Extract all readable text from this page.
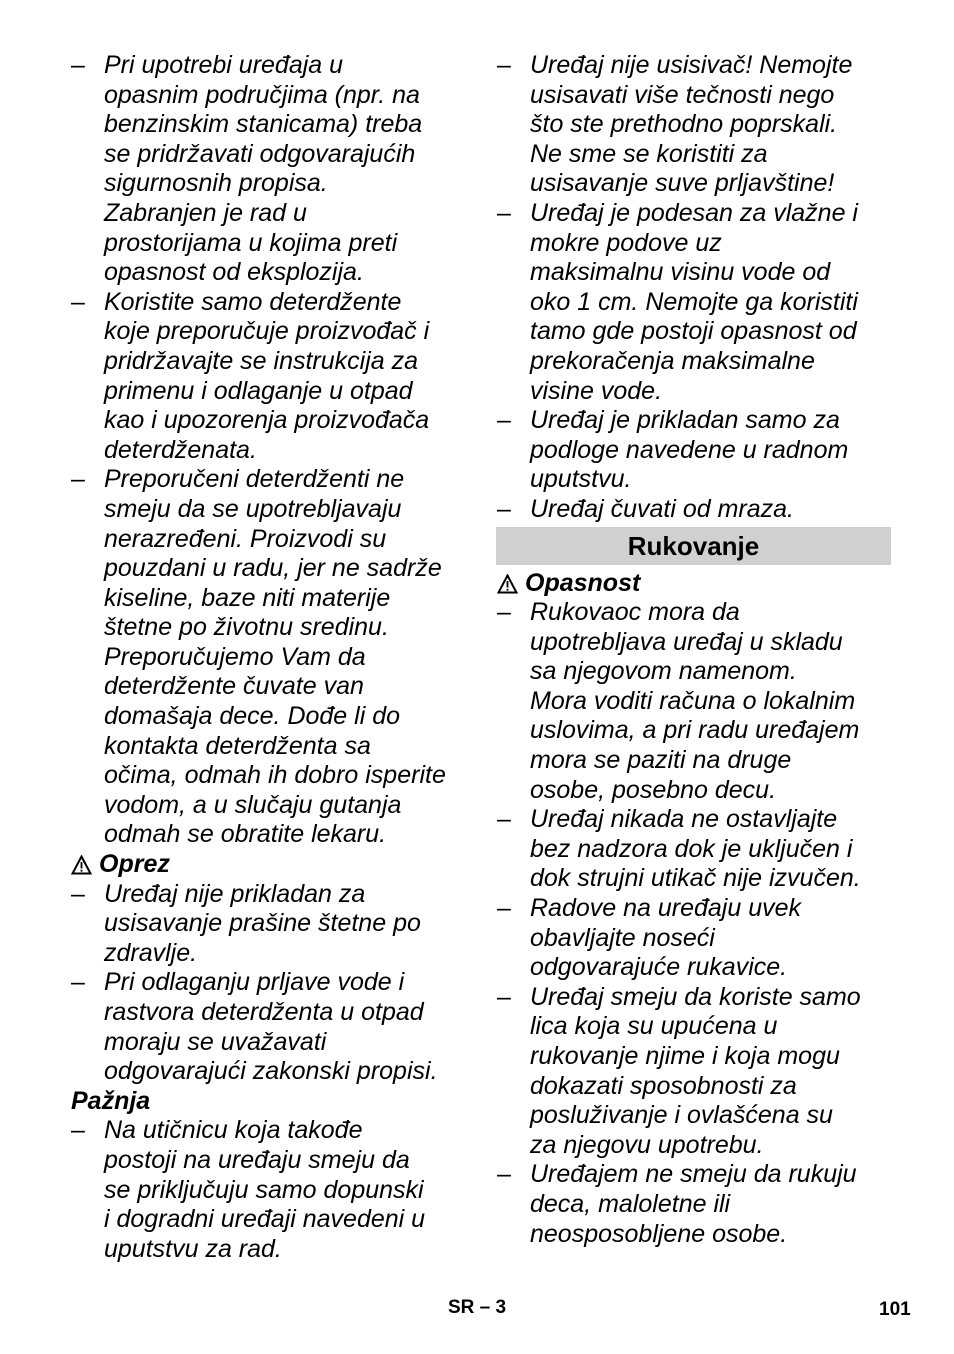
– Pri upotrebi uređaja u
opasnim područjima (npr. na
benzinskim stanicama) treba
se pridržavati odgovarajućih
sigurnosnih propisa.
Zabranjen je rad u
prostorijama u kojima preti
opasnost od eksplozija.
– Koristite samo deterdžente
koje preporučuje proizvođač i
pridržavajte se instrukcija za
primenu i odlaganje u otpad
kao i upozorenja proizvođača
deterdženata.
– Preporučeni deterdženti ne
smeju da se upotrebljavaju
nerazređeni. Proizvodi su
pouzdani u radu, jer ne sadrže
kiseline, baze niti materije
štetne po životnu sredinu.
Preporučujemo Vam da
deterdžente čuvate van
domašaja dece. Dođe li do
kontakta deterdženta sa
očima, odmah ih dobro isperite
vodom, a u slučaju gutanja
odmah se obratite lekaru.
Oprez
– Uređaj nije prikladan za
usisavanje prašine štetne po
zdravlje.
– Pri odlaganju prljave vode i
rastvora deterdženta u otpad
moraju se uvažavati
odgovarajući zakonski propisi.
Pažnja
– Na utičnicu koja takođe
postoji na uređaju smeju da
se priključuju samo dopunski
i dogradni uređaji navedeni u
uputstvu za rad.
– Uređaj nije usisivač! Nemojte
usisavati više tečnosti nego
što ste prethodno poprskali.
Ne sme se koristiti za
usisavanje suve prljavštine!
– Uređaj je podesan za vlažne i
mokre podove uz
maksimalnu visinu vode od
oko 1 cm. Nemojte ga koristiti
tamo gde postoji opasnost od
prekoračenja maksimalne
visine vode.
– Uređaj je prikladan samo za
podloge navedene u radnom
uputstvu.
– Uređaj čuvati od mraza.
Rukovanje
Opasnost
– Rukovaoc mora da
upotrebljava uređaj u skladu
sa njegovom namenom.
Mora voditi računa o lokalnim
uslovima, a pri radu uređajem
mora se paziti na druge
osobe, posebno decu.
– Uređaj nikada ne ostavljajte
bez nadzora dok je uključen i
dok strujni utikač nije izvučen.
– Radove na uređaju uvek
obavljajte noseći
odgovarajuće rukavice.
– Uređaj smeju da koriste samo
lica koja su upućena u
rukovanje njime i koja mogu
dokazati sposobnosti za
posluživanje i ovlašćena su
za njegovu upotrebu.
– Uređajem ne smeju da rukuju
deca, maloletne ili
neosposobljene osobe.
SR – 3	101
